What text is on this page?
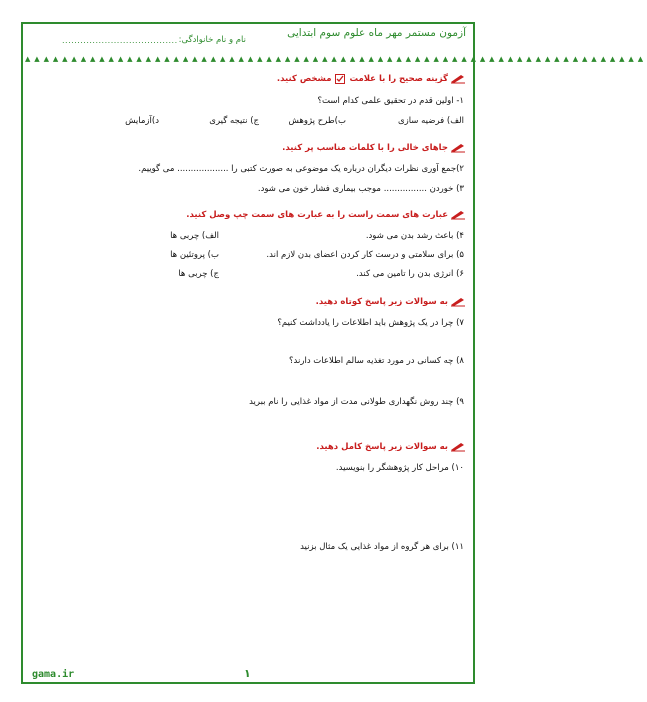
آزمون مستمر مهر ماه علوم سوم ابتدایی
نام و نام خانوادگی:
......................................
▲▲▲▲▲▲▲▲▲▲▲▲▲▲▲▲▲▲▲▲▲▲▲▲▲▲▲▲▲▲▲▲▲▲▲▲▲▲▲▲▲▲▲▲▲▲▲▲▲▲▲▲▲▲▲▲▲▲▲▲▲▲▲▲▲▲▲
گزینه صحیح را با علامت
مشخص کنید.
۱- اولین قدم در تحقیق علمی کدام است؟
الف) فرضیه سازی
ب)طرح پژوهش
ج) نتیجه گیری
د)آزمایش
جاهای خالی را با کلمات مناسب پر کنید.
۲)جمع آوری نظرات دیگران درباره یک موضوعی به صورت کتبی را ................... می گوییم.
۳) خوردن ................ موجب بیماری فشار خون می شود.
عبارت های سمت راست را به عبارت های سمت چپ وصل کنید.
۴) باعث رشد بدن می شود.
الف) چربی ها
۵) برای سلامتی و درست کار کردن اعضای بدن لازم اند.
ب) پروتئین ها
۶) انرژی بدن را تامین می کند.
ج) چربی ها
به سوالات زیر پاسخ کوتاه دهید.
۷) چرا در یک پژوهش باید اطلاعات را یادداشت کنیم؟
۸) چه کسانی در مورد تغذیه سالم اطلاعات دارند؟
۹) چند روش نگهداری طولانی مدت از مواد غذایی را نام ببرید
به سوالات زیر پاسخ کامل دهید.
۱۰) مراحل کار پژوهشگر را بنویسید.
۱۱) برای هر گروه از مواد غذایی یک مثال بزنید
gama.ir	۱
